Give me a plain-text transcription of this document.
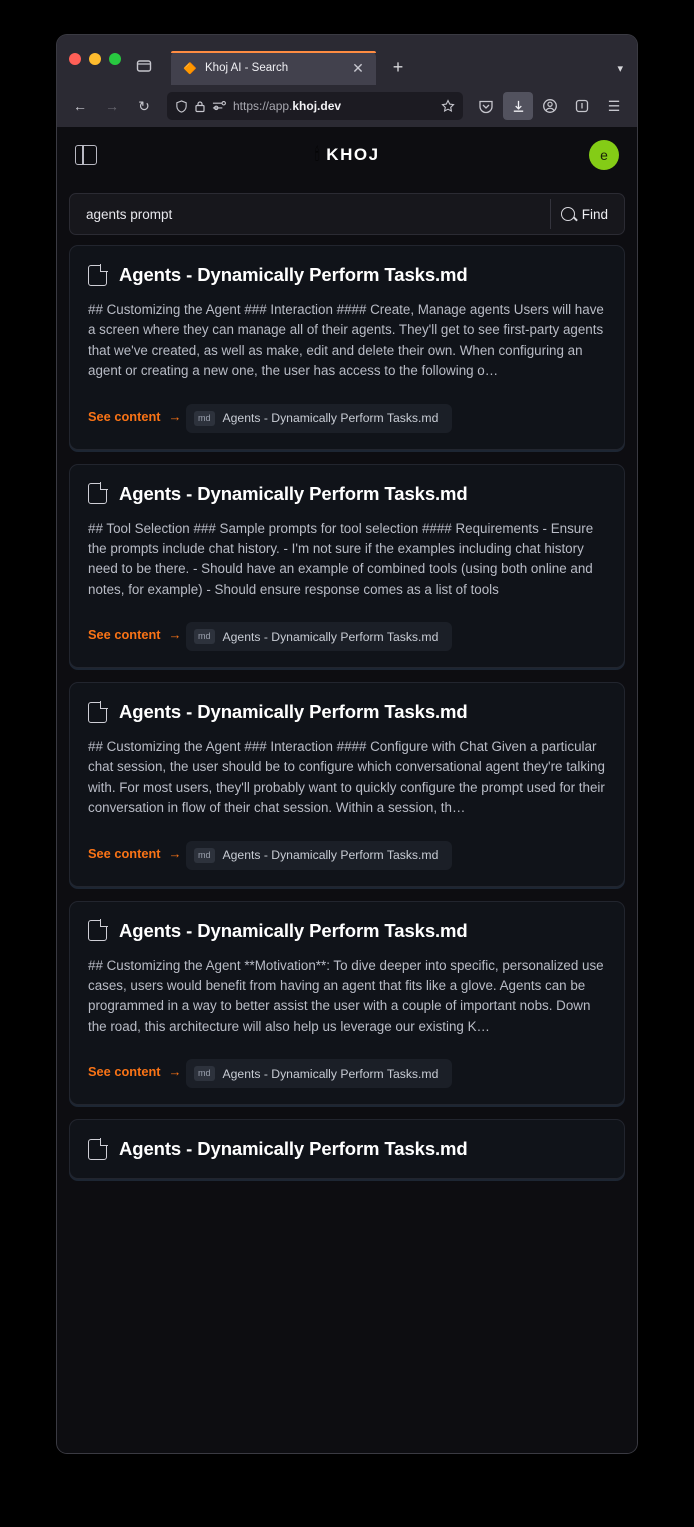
🔶 Khoj AI - Search	✕	+	▾
←	→	↻	https://app.khoj.dev	☰
🕯 KHOJ	e
agents prompt
Find
Agents - Dynamically Perform Tasks.md
## Customizing the Agent ### Interaction #### Create, Manage agents Users will have a screen where they can manage all of their agents. They'll get to see first-party agents that we've created, as well as make, edit and delete their own. When configuring an agent or creating a new one, the user has access to the following o…
See content →
	md Agents - Dynamically Perform Tasks.md
Agents - Dynamically Perform Tasks.md
## Tool Selection ### Sample prompts for tool selection #### Requirements - Ensure the prompts include chat history. - I'm not sure if the examples including chat history need to be there. - Should have an example of combined tools (using both online and notes, for example) - Should ensure response comes as a list of tools
See content →
	md Agents - Dynamically Perform Tasks.md
Agents - Dynamically Perform Tasks.md
## Customizing the Agent ### Interaction #### Configure with Chat Given a particular chat session, the user should be to configure which conversational agent they're talking with. For most users, they'll probably want to quickly configure the prompt used for their conversation in flow of their chat session. Within a session, th…
See content →
	md Agents - Dynamically Perform Tasks.md
Agents - Dynamically Perform Tasks.md
## Customizing the Agent **Motivation**: To dive deeper into specific, personalized use cases, users would benefit from having an agent that fits like a glove. Agents can be programmed in a way to better assist the user with a couple of important nobs. Down the road, this architecture will also help us leverage our existing K…
See content →
	md Agents - Dynamically Perform Tasks.md
Agents - Dynamically Perform Tasks.md
